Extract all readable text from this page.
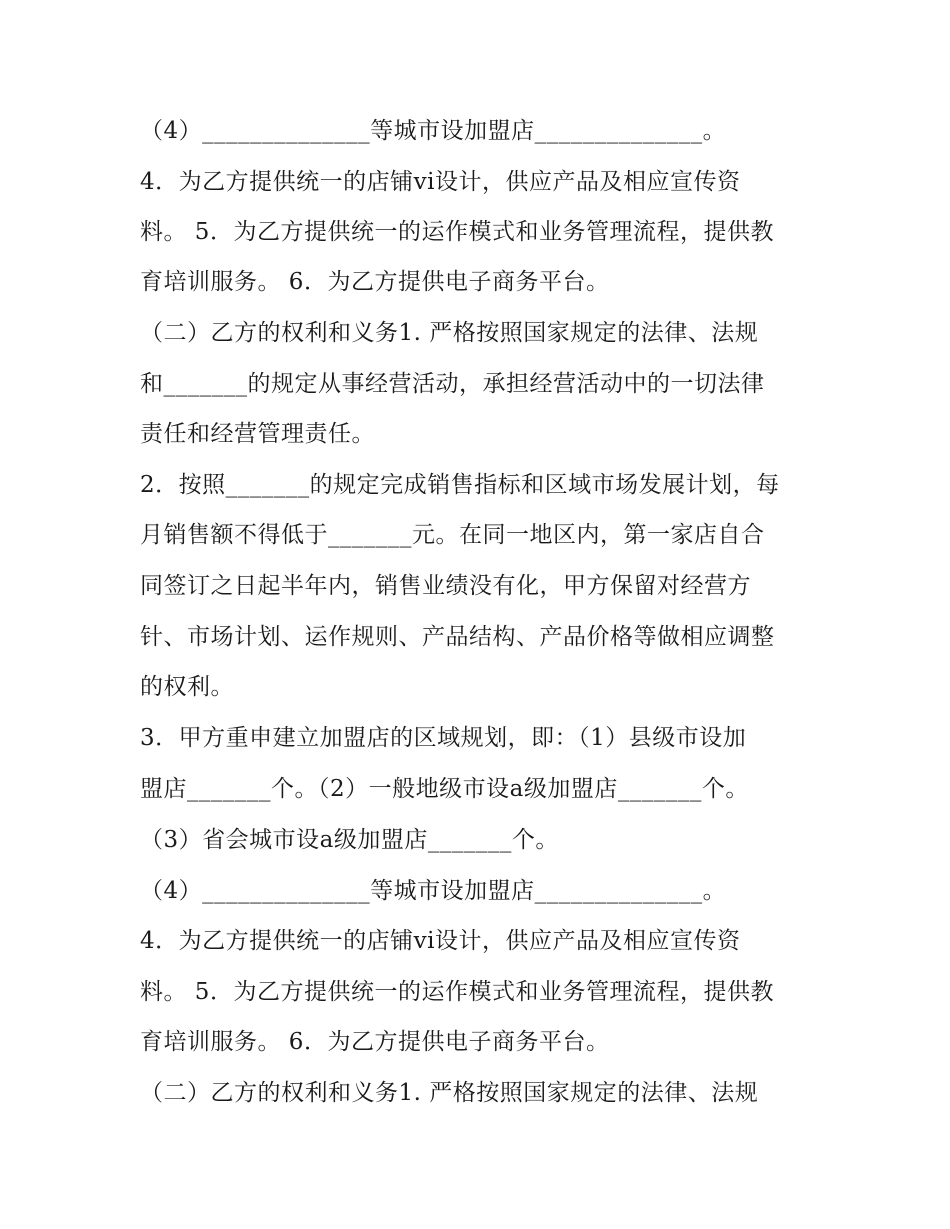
（4）______________等城市设加盟店______________。
4．为乙方提供统一的店铺vi设计，供应产品及相应宣传资
料。 5．为乙方提供统一的运作模式和业务管理流程，提供教
育培训服务。 6．为乙方提供电子商务平台。
（二）乙方的权利和义务1. 严格按照国家规定的法律、法规
和_______的规定从事经营活动，承担经营活动中的一切法律
责任和经营管理责任。
2．按照_______的规定完成销售指标和区域市场发展计划，每
月销售额不得低于_______元。在同一地区内，第一家店自合
同签订之日起半年内，销售业绩没有化，甲方保留对经营方
针、市场计划、运作规则、产品结构、产品价格等做相应调整
的权利。
3．甲方重申建立加盟店的区域规划，即：（1）县级市设加
盟店_______个。（2）一般地级市设a级加盟店_______个。
（3）省会城市设a级加盟店_______个。
（4）______________等城市设加盟店______________。
4．为乙方提供统一的店铺vi设计，供应产品及相应宣传资
料。 5．为乙方提供统一的运作模式和业务管理流程，提供教
育培训服务。 6．为乙方提供电子商务平台。
（二）乙方的权利和义务1. 严格按照国家规定的法律、法规
